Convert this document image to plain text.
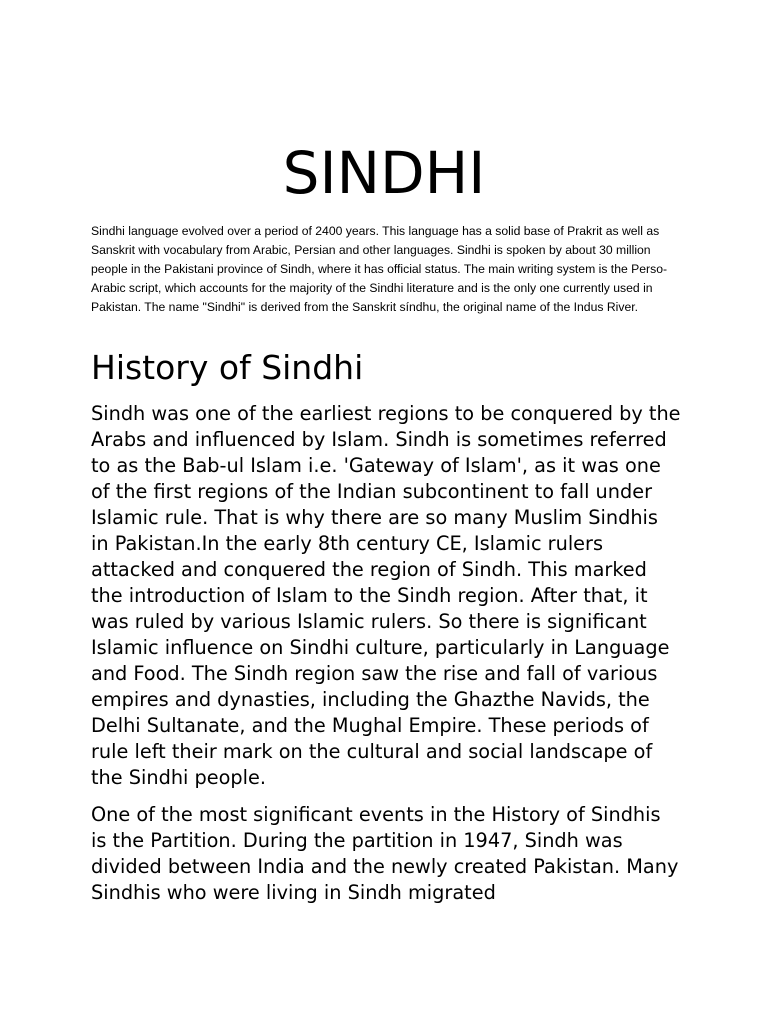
SINDHI

Sindhi language evolved over a period of 2400 years. This language has a solid base of Prakrit as well as Sanskrit with vocabulary from Arabic, Persian and other languages. Sindhi is spoken by about 30 million people in the Pakistani province of Sindh, where it has official status. The main writing system is the Perso-Arabic script, which accounts for the majority of the Sindhi literature and is the only one currently used in Pakistan. The name "Sindhi" is derived from the Sanskrit síndhu, the original name of the Indus River.

History of Sindhi

Sindh was one of the earliest regions to be conquered by the Arabs and influenced by Islam. Sindh is sometimes referred to as the Bab-ul Islam i.e. 'Gateway of Islam', as it was one of the first regions of the Indian subcontinent to fall under Islamic rule. That is why there are so many Muslim Sindhis in Pakistan.In the early 8th century CE, Islamic rulers attacked and conquered the region of Sindh. This marked the introduction of Islam to the Sindh region. After that, it was ruled by various Islamic rulers. So there is significant Islamic influence on Sindhi culture, particularly in Language and Food. The Sindh region saw the rise and fall of various empires and dynasties, including the Ghazthe Navids, the Delhi Sultanate, and the Mughal Empire. These periods of rule left their mark on the cultural and social landscape of the Sindhi people.

One of the most significant events in the History of Sindhis is the Partition. During the partition in 1947, Sindh was divided between India and the newly created Pakistan. Many Sindhis who were living in Sindh migrated
